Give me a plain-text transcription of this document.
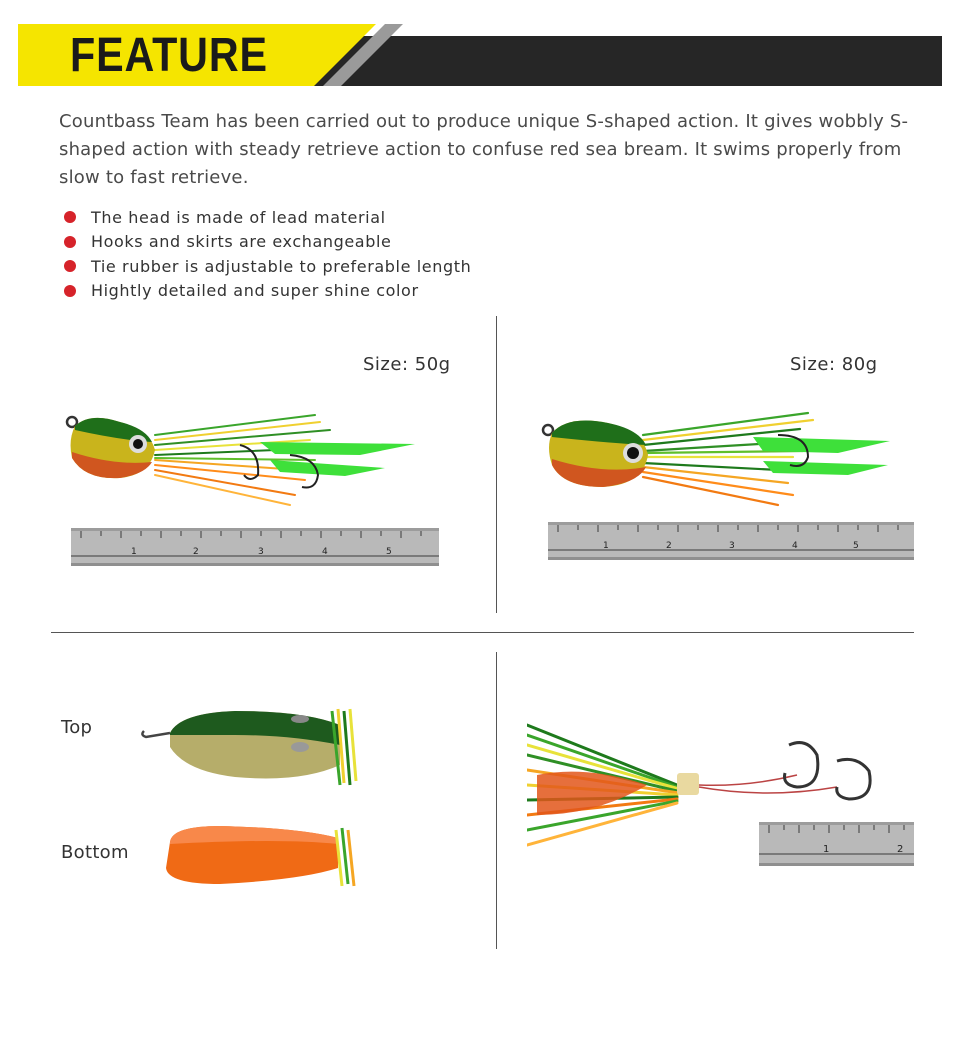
FEATURE

Countbass Team has been carried out to produce unique S-shaped action. It gives wobbly S-shaped action with steady retrieve action to confuse red sea bream. It swims properly from slow to fast retrieve.

The head is made of lead material
Hooks and skirts are exchangeable
Tie rubber is adjustable to preferable length
Hightly detailed and super shine color
Size: 50g	Size: 80g
1	2	3	4	5
1	2	3	4	5
Top
Bottom	1	2
